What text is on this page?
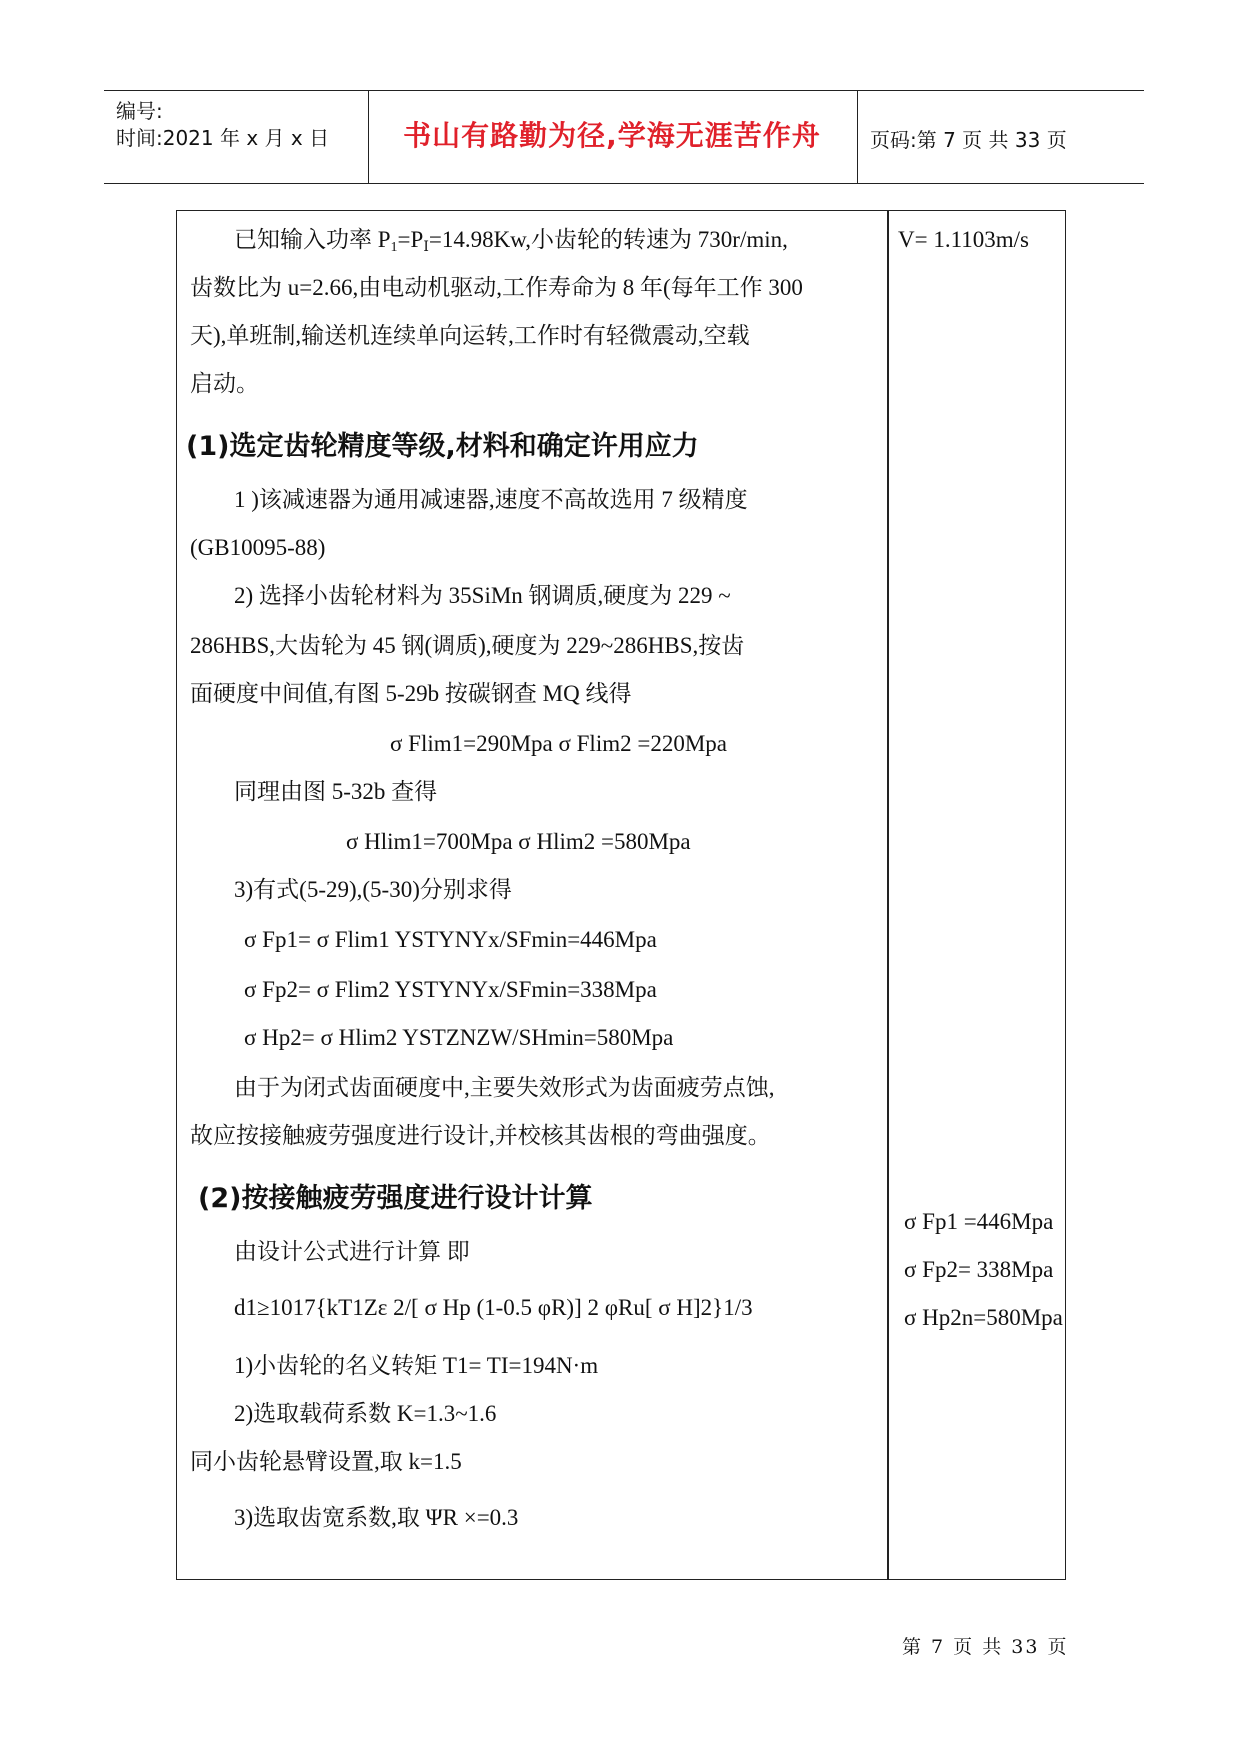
编号:
时间:2021 年 x 月 x 日	书山有路勤为径,学海无涯苦作舟	页码:第 7 页 共 33 页
已知输入功率 $P_1=P_Ⅰ=14.98Kw$,小齿轮的转速为 730r/min,
齿数比为 u=2.66,由电动机驱动,工作寿命为 8 年(每年工作 300
天),单班制,输送机连续单向运转,工作时有轻微震动,空载
启动。
(1)选定齿轮精度等级,材料和确定许用应力
1 )该减速器为通用减速器,速度不高故选用 7 级精度
(GB10095-88)
2) 选择小齿轮材料为 35SiMn 钢调质,硬度为 229 ~
286HBS,大齿轮为 45 钢(调质),硬度为 229~286HBS,按齿
面硬度中间值,有图 5-29b 按碳钢查 MQ 线得
σ Flim1=290Mpa σ Flim2 =220Mpa
同理由图 5-32b 查得
σ Hlim1=700Mpa σ Hlim2 =580Mpa
3)有式(5-29),(5-30)分别求得
σ Fp1= σ Flim1 YSTYNYx/SFmin=446Mpa
σ Fp2= σ Flim2 YSTYNYx/SFmin=338Mpa
σ Hp2= σ Hlim2 YSTZNZW/SHmin=580Mpa
由于为闭式齿面硬度中,主要失效形式为齿面疲劳点蚀,
故应按接触疲劳强度进行设计,并校核其齿根的弯曲强度。
(2)按接触疲劳强度进行设计计算
由设计公式进行计算 即
d1≥1017{kT1Zε 2/[ σ Hp (1-0.5 φR)] 2 φRu[ σ H]2}1/3
1)小齿轮的名义转矩 T1= TI=194N·m
2)选取载荷系数 K=1.3~1.6
同小齿轮悬臂设置,取 k=1.5
3)选取齿宽系数,取 ΨR ×=0.3
V= 1.1103m/s
σ Fp1 =446Mpa
σ Fp2= 338Mpa
σ Hp2n=580Mpa
第 7 页 共 33 页
